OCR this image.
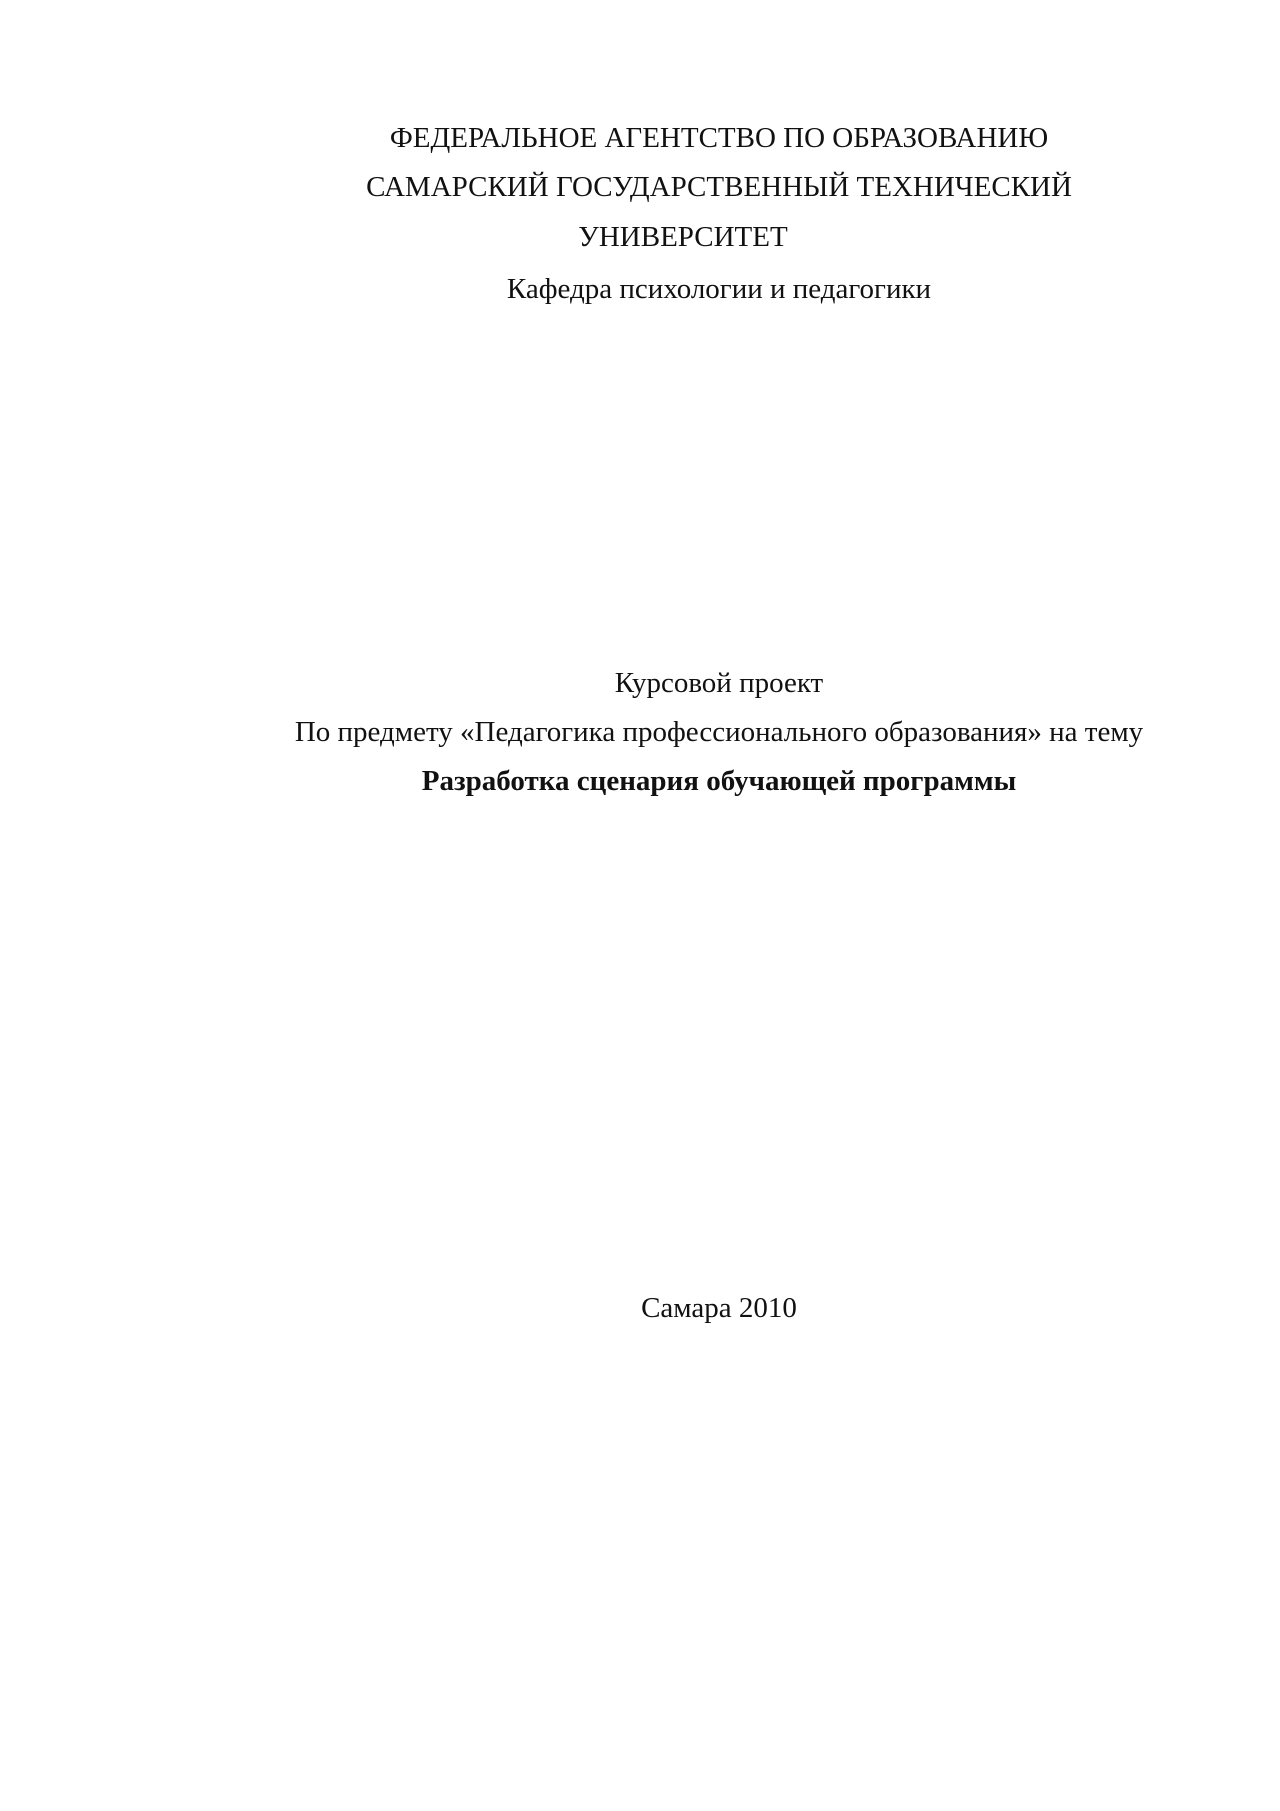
ФЕДЕРАЛЬНОЕ АГЕНТСТВО ПО ОБРАЗОВАНИЮ
САМАРСКИЙ ГОСУДАРСТВЕННЫЙ ТЕХНИЧЕСКИЙ
УНИВЕРСИТЕТ
Кафедра психологии и педагогики
Курсовой проект
По предмету «Педагогика профессионального образования» на тему
Разработка сценария обучающей программы
Самара 2010
